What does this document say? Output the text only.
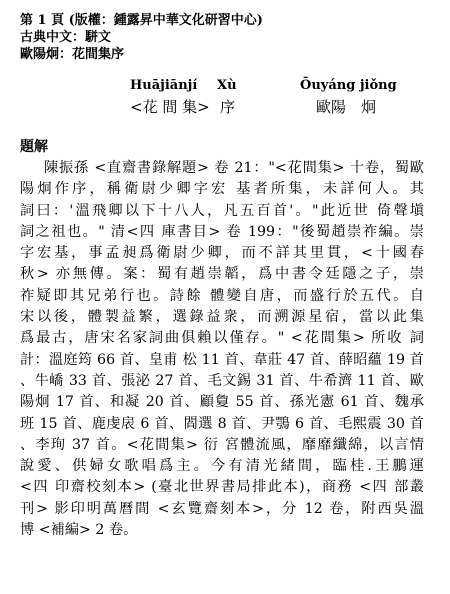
第 1 頁 (版權：鍾露昇中華文化研習中心)
古典中文：駢文
歐陽炯：花間集序
Huājiānjí Xù	Ōuyáng jiǒng
<花 間 集> 序	歐陽　炯
題解
陳振孫 <直齋書錄解題> 卷 21："<花間集> 十卷，蜀歐
陽炯作序，稱衛尉少卿字宏 基者所集，未詳何人。其
詞曰：'溫飛卿以下十八人，凡五百首'。"此近世 倚聲塡
詞之祖也。" 清<四 庫書目> 卷 199："後蜀趙崇祚編。崇
字宏基，事孟昶爲衛尉少卿，而不詳其里貫，<十國春
秋> 亦無傳。案：蜀有趙崇韜，爲中書令廷隱之子，崇
祚疑即其兄弟行也。詩餘 體變自唐，而盛行於五代。自
宋以後，體製益繁，選錄益衆，而溯源星宿，當以此集
爲最古，唐宋名家詞曲俱賴以僅存。" <花間集> 所收 詞
計：溫庭筠 66 首、皇甫 松 11 首、韋莊 47 首、薛昭蘊 19 首
、牛嶠 33 首、張泌 27 首、毛文錫 31 首、牛希濟 11 首、歐
陽炯 17 首、和凝 20 首、顧敻 55 首、孫光憲 61 首、魏承
班 15 首、鹿虔扆 6 首、閻選 8 首、尹鶚 6 首、毛熙震 30 首
、李珣 37 首。<花間集> 衍 宮體流風，靡靡纖綿，以言情
說愛、供婦女歌唱爲主。今有清光緒間，臨桂.王鵬運
<四 印齋校刻本> (臺北世界書局排此本)，商務 <四 部叢
刊> 影印明萬曆間 <玄覽齋刻本>，分 12 卷，附西吳溫
博 <補編> 2 卷。
